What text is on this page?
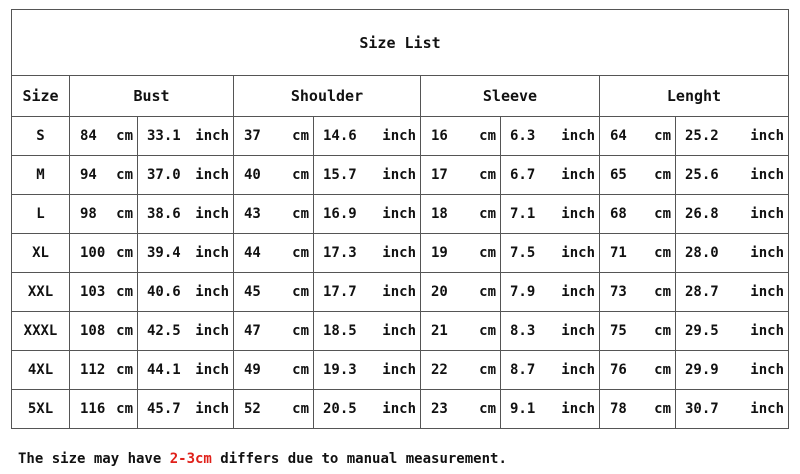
Size List								
Size	Bust		Shoulder		Sleeve		Lenght	
S	84 cm	33.1 inch	37 cm	14.6 inch	16 cm	6.3 inch	64 cm	25.2 inch

M	94 cm	37.0 inch	40 cm	15.7 inch	17 cm	6.7 inch	65 cm	25.6 inch

L	98 cm	38.6 inch	43 cm	16.9 inch	18 cm	7.1 inch	68 cm	26.8 inch

XL	100 cm	39.4 inch	44 cm	17.3 inch	19 cm	7.5 inch	71 cm	28.0 inch

XXL	103 cm	40.6 inch	45 cm	17.7 inch	20 cm	7.9 inch	73 cm	28.7 inch

XXXL	108 cm	42.5 inch	47 cm	18.5 inch	21 cm	8.3 inch	75 cm	29.5 inch

4XL	112 cm	44.1 inch	49 cm	19.3 inch	22 cm	8.7 inch	76 cm	29.9 inch

5XL	116 cm	45.7 inch	52 cm	20.5 inch	23 cm	9.1 inch	78 cm	30.7 inch
The size may have 2-3cm differs due to manual measurement.
